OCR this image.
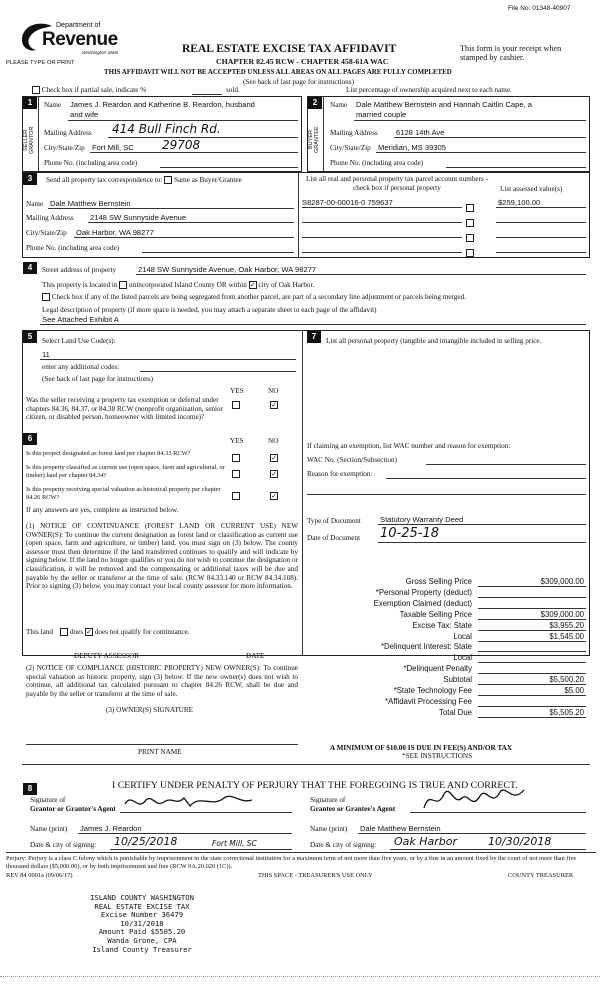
File No: 01348-40907
Department of
Revenue
Washington State
PLEASE TYPE OR PRINT
REAL ESTATE EXCISE TAX AFFIDAVIT
CHAPTER 82.45 RCW - CHAPTER 458-61A WAC
This form is your receipt when stamped by cashier.
THIS AFFIDAVIT WILL NOT BE ACCEPTED UNLESS ALL AREAS ON ALL PAGES ARE FULLY COMPLETED
(See back of last page for instructions)
Check box if partial sale, indicate %	sold.	List percentage of ownership acquired next to each name.
1
SELLER GRANTOR
Name James J. Reardon and Katherine B. Reardon, husband
and wife
Mailing Address 414 Bull Finch Rd.
City/State/Zip Fort Mill, SC 29708
Phone No. (including area code)
2
BUYER GRANTEE
Name Dale Matthew Bernstein and Hannah Caitlin Cape, a
married couple
Mailing Address 6128 14th Ave
City/State/Zip Meridian, MS 39305
Phone No. (including area code)
3	Send all property tax correspondence to: Same as Buyer/Grantee
Name Dale Matthew Bernstein
Mailing Address 2148 SW Sunnyside Avenue
City/State/Zip Oak Harbor, WA 98277
Phone No. (including area code)
List all real and personal property tax parcel account numbers - check box if personal property	List assessed value(s)
S8287-00-00016-0 759637	$259,100.00
4	Street address of property	2148 SW Sunnyside Avenue, Oak Harbor, WA 98277
This property is located in unincorporated Island County OR within ✓ city of Oak Harbor.
Check box if any of the listed parcels are being segregated from another parcel, are part of a secondary line adjustment or parcels being merged.
Legal description of property (if more space is needed, you may attach a separate sheet to each page of the affidavit)
See Attached Exhibit A
5	Select Land Use Code(s):
11
enter any additional codes:
(See back of last page for instructions)
YES	NO
Was the seller receiving a property tax exemption or deferral under chapters 84.36, 84.37, or 84.38 RCW (nonprofit organization, senior citizen, or disabled person, homeowner with limited income)?
✓
6	YES	NO
Is this project designated as forest land per chapter 84.33 RCW?
✓
Is this property classified as current use (open space, farm and agricultural, or timber) land per chapter 84.34?	✓
Is this property receiving special valuation as historical property per chapter 84.26 RCW?	✓
If any answers are yes, complete as instructed below.
(1) NOTICE OF CONTINUANCE (FOREST LAND OR CURRENT USE) NEW OWNER(S): To continue the current designation as forest land or classification as current use (open space, farm and agriculture, or timber) land, you must sign on (3) below. The county assessor must then determine if the land transferred continues to qualify and will indicate by signing below. If the land no longer qualifies or you do not wish to continue the designation or classification, it will be removed and the compensating or additional taxes will be due and payable by the seller or transferor at the time of sale. (RCW 84.33.140 or RCW 84.34.108). Prior to signing (3) below, you may contact your local county assessor for more information.
This land does ✓ does not qualify for continuance.
7	List all personal property (tangible and intangible included in selling price.
If claiming an exemption, list WAC number and reason for exemption:
WAC No. (Section/Subsection)
Reason for exemption:
Type of Document	Statutory Warranty Deed
Date of Document 10-25-18
Gross Selling Price	$309,000.00
*Personal Property (deduct)
Exemption Claimed (deduct)
Taxable Selling Price	$309,000.00
Excise Tax: State	$3,955.20
Local	$1,545.00
*Delinquent Interest: State
Local
*Delinquent Penalty
Subtotal	$5,500.20
*State Technology Fee	$5.00
*Affidavit Processing Fee
Total Due	$5,505.20
DEPUTY ASSESSOR	DATE
(2) NOTICE OF COMPLIANCE (HISTORIC PROPERTY) NEW OWNER(S): To continue special valuation as historic property, sign (3) below. If the new owner(s) does not wish to continue, all additional tax calculated pursuant to chapter 84.26 RCW, shall be due and payable by the seller or transferor at the time of sale.
(3) OWNER(S) SIGNATURE
PRINT NAME	A MINIMUM OF $10.00 IS DUE IN FEE(S) AND/OR TAX
*SEE INSTRUCTIONS
8	I CERTIFY UNDER PENALTY OF PERJURY THAT THE FOREGOING IS TRUE AND CORRECT.
Signature of
Grantor or Grantor's Agent
Signature of
Grantee or Grantee's Agent
Name (print) James J. Reardon	Name (print) Dale Matthew Bernstein
Date & city of signing: 10/25/2018	Fort Mill, SC	Date & city of signing: Oak Harbor	10/30/2018
Perjury: Perjury is a class C felony which is punishable by imprisonment in the state correctional institution for a maximum term of not more than five years, or by a fine in an amount fixed by the court of not more than five thousand dollars ($5,000.00), or by both imprisonment and fine (RCW 9A.20.020 (1C)).
REV 84 0001a (09/06/17)	THIS SPACE - TREASURER'S USE ONLY	COUNTY TREASURER
ISLAND COUNTY WASHINGTON
REAL ESTATE EXCISE TAX
Excise Number 36479
10/31/2018
Amount Paid $5505.20
Wanda Grone, CPA
Island County Treasurer
